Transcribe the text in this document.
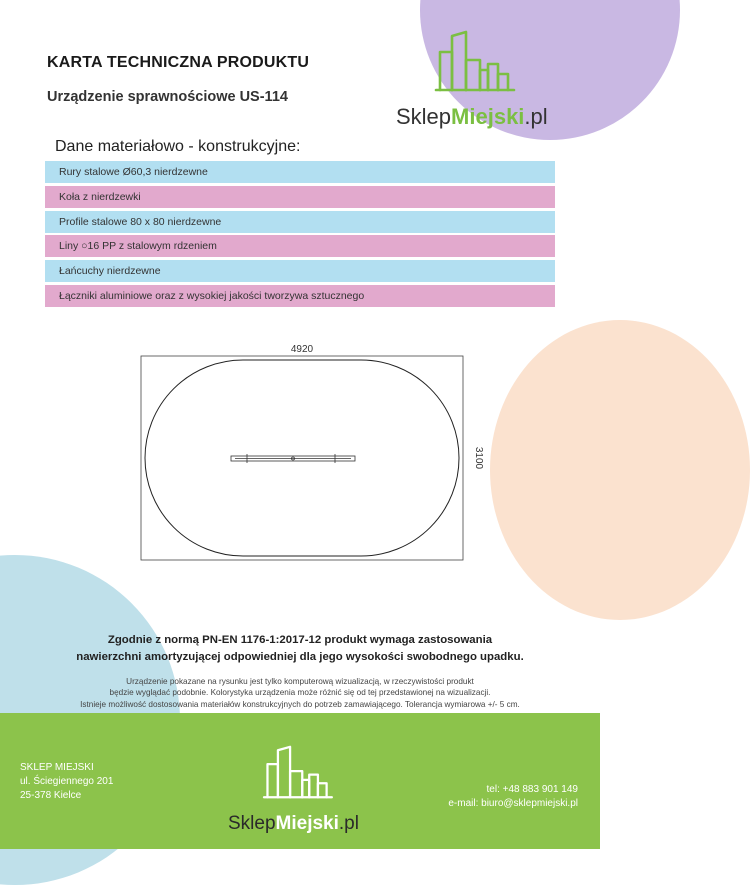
KARTA TECHNICZNA PRODUKTU
Urządzenie sprawnościowe US-114
SklepMiejski.pl
Dane materiałowo - konstrukcyjne:
Rury stalowe Ø60,3 nierdzewne
Koła z nierdzewki
Profile stalowe 80 x 80 nierdzewne
Liny ○16 PP z stalowym rdzeniem
Łańcuchy nierdzewne
Łączniki aluminiowe oraz z wysokiej jakości tworzywa sztucznego
4920
3100
Zgodnie z normą PN-EN 1176-1:2017-12 produkt wymaga zastosowania
nawierzchni amortyzującej odpowiedniej dla jego wysokości swobodnego upadku.
Urządzenie pokazane na rysunku jest tylko komputerową wizualizacją, w rzeczywistości produkt
będzie wyglądać podobnie. Kolorystyka urządzenia może różnić się od tej przedstawionej na wizualizacji.
Istnieje możliwość dostosowania materiałów konstrukcyjnych do potrzeb zamawiającego. Tolerancja wymiarowa +/- 5 cm.
SKLEP MIEJSKI
ul. Ściegiennego 201
25-378 Kielce
SklepMiejski.pl
tel: +48 883 901 149
e-mail: biuro@sklepmiejski.pl
